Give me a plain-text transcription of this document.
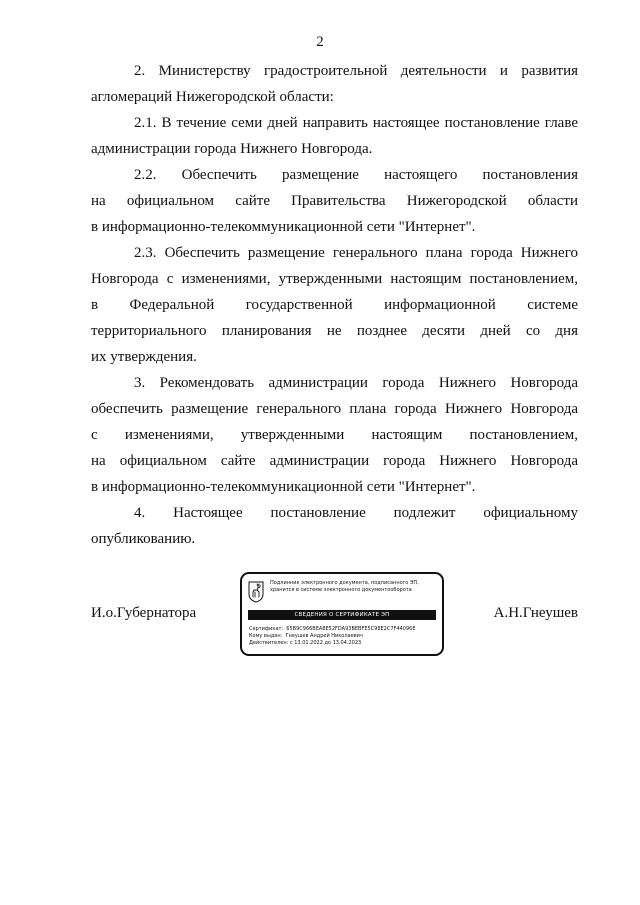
2
2. Министерству градостроительной деятельности и развития
агломераций Нижегородской области:
2.1. В течение семи дней направить настоящее постановление главе
администрации города Нижнего Новгорода.
2.2. Обеспечить размещение настоящего постановления
на официальном сайте Правительства Нижегородской области
в информационно-телекоммуникационной сети "Интернет".
2.3. Обеспечить размещение генерального плана города Нижнего
Новгорода с изменениями, утвержденными настоящим постановлением,
в Федеральной государственной информационной системе
территориального планирования не позднее десяти дней со дня
их утверждения.
3. Рекомендовать администрации города Нижнего Новгорода
обеспечить размещение генерального плана города Нижнего Новгорода
с изменениями, утвержденными настоящим постановлением,
на официальном сайте администрации города Нижнего Новгорода
в информационно-телекоммуникационной сети "Интернет".
4. Настоящее постановление подлежит официальному
опубликованию.
И.о.Губернатора
Подлинник электронного документа, подписанного ЭП,
хранится в системе электронного документооборота
СВЕДЕНИЯ О СЕРТИФИКАТЕ ЭП
Сертификат: 65B9C966BEA8E52FDA93BEBFE5C98E2C7F44096E
Кому выдан: Гнеушев Андрей Николаевич
Действителен: с 13.01.2022 до 13.04.2023
А.Н.Гнеушев
